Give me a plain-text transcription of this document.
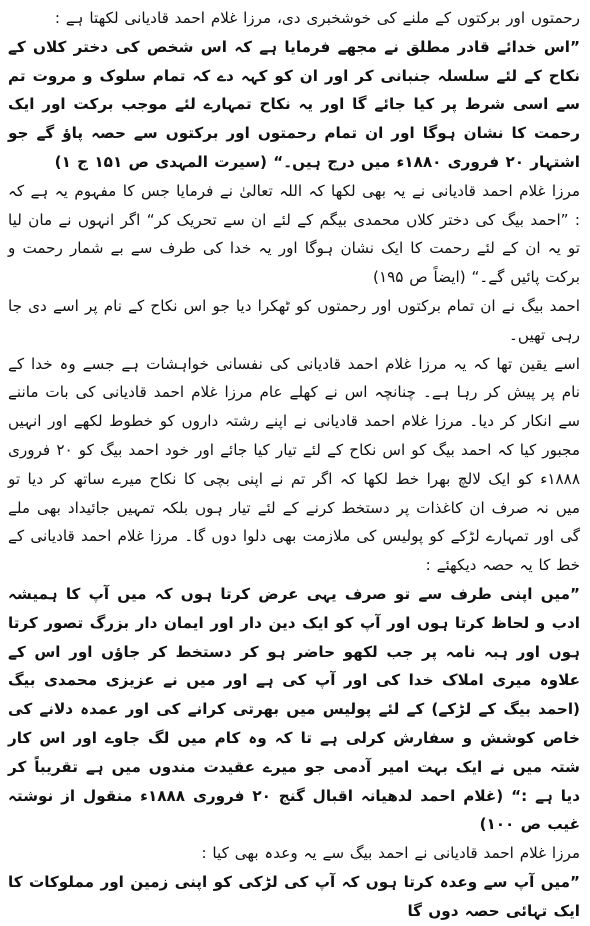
رحمتوں اور برکتوں کے ملنے کی خوشخبری دی، مرزا غلام احمد قادیانی لکھتا ہے :

”اس خدائے قادر مطلق نے مجھے فرمایا ہے کہ اس شخص کی دختر کلاں کے نکاح کے لئے سلسلہ جنبانی کر اور ان کو کہہ دے کہ تمام سلوک و مروت تم سے اسی شرط پر کیا جائے گا اور یہ نکاح تمہارے لئے موجب برکت اور ایک رحمت کا نشان ہوگا اور ان تمام رحمتوں اور برکتوں سے حصہ پاؤ گے جو اشتہار ۲۰ فروری ۱۸۸۰ء میں درج ہیں۔“ (سیرت المہدی ص ۱۵۱ ج ۱)

مرزا غلام احمد قادیانی نے یہ بھی لکھا کہ اللہ تعالیٰ نے فرمایا جس کا مفہوم یہ ہے کہ : ”احمد بیگ کی دختر کلاں محمدی بیگم کے لئے ان سے تحریک کر“ اگر انہوں نے مان لیا تو یہ ان کے لئے رحمت کا ایک نشان ہوگا اور یہ خدا کی طرف سے بے شمار رحمت و برکت پائیں گے۔“ (ایضاً ص ۱۹۵)

احمد بیگ نے ان تمام برکتوں اور رحمتوں کو ٹھکرا دیا جو اس نکاح کے نام پر اسے دی جا رہی تھیں۔

اسے یقین تھا کہ یہ مرزا غلام احمد قادیانی کی نفسانی خواہشات ہے جسے وہ خدا کے نام پر پیش کر رہا ہے۔ چنانچہ اس نے کھلے عام مرزا غلام احمد قادیانی کی بات ماننے سے انکار کر دیا۔ مرزا غلام احمد قادیانی نے اپنے رشتہ داروں کو خطوط لکھے اور انہیں مجبور کیا کہ احمد بیگ کو اس نکاح کے لئے تیار کیا جائے اور خود احمد بیگ کو ۲۰ فروری ۱۸۸۸ء کو ایک لالچ بھرا خط لکھا کہ اگر تم نے اپنی بچی کا نکاح میرے ساتھ کر دیا تو میں نہ صرف ان کاغذات پر دستخط کرنے کے لئے تیار ہوں بلکہ تمہیں جائیداد بھی ملے گی اور تمہارے لڑکے کو پولیس کی ملازمت بھی دلوا دوں گا۔ مرزا غلام احمد قادیانی کے خط کا یہ حصہ دیکھئے :

”میں اپنی طرف سے تو صرف یہی عرض کرتا ہوں کہ میں آپ کا ہمیشہ ادب و لحاظ کرتا ہوں اور آپ کو ایک دین دار اور ایمان دار بزرگ تصور کرتا ہوں اور ہبہ نامہ پر جب لکھو حاضر ہو کر دستخط کر جاؤں اور اس کے علاوہ میری املاک خدا کی اور آپ کی ہے اور میں نے عزیزی محمدی بیگ (احمد بیگ کے لڑکے) کے لئے پولیس میں بھرتی کرانے کی اور عمدہ دلانے کی خاص کوشش و سفارش کرلی ہے تا کہ وہ کام میں لگ جاوے اور اس کار شتہ میں نے ایک بہت امیر آدمی جو میرے عقیدت مندوں میں ہے تقریباً کر دیا ہے :“ (غلام احمد لدھیانہ اقبال گنج ۲۰ فروری ۱۸۸۸ء منقول از نوشتہ غیب ص ۱۰۰)

مرزا غلام احمد قادیانی نے احمد بیگ سے یہ وعدہ بھی کیا :

”میں آپ سے وعدہ کرتا ہوں کہ آپ کی لڑکی کو اپنی زمین اور مملوکات کا ایک تہائی حصہ دوں گا
